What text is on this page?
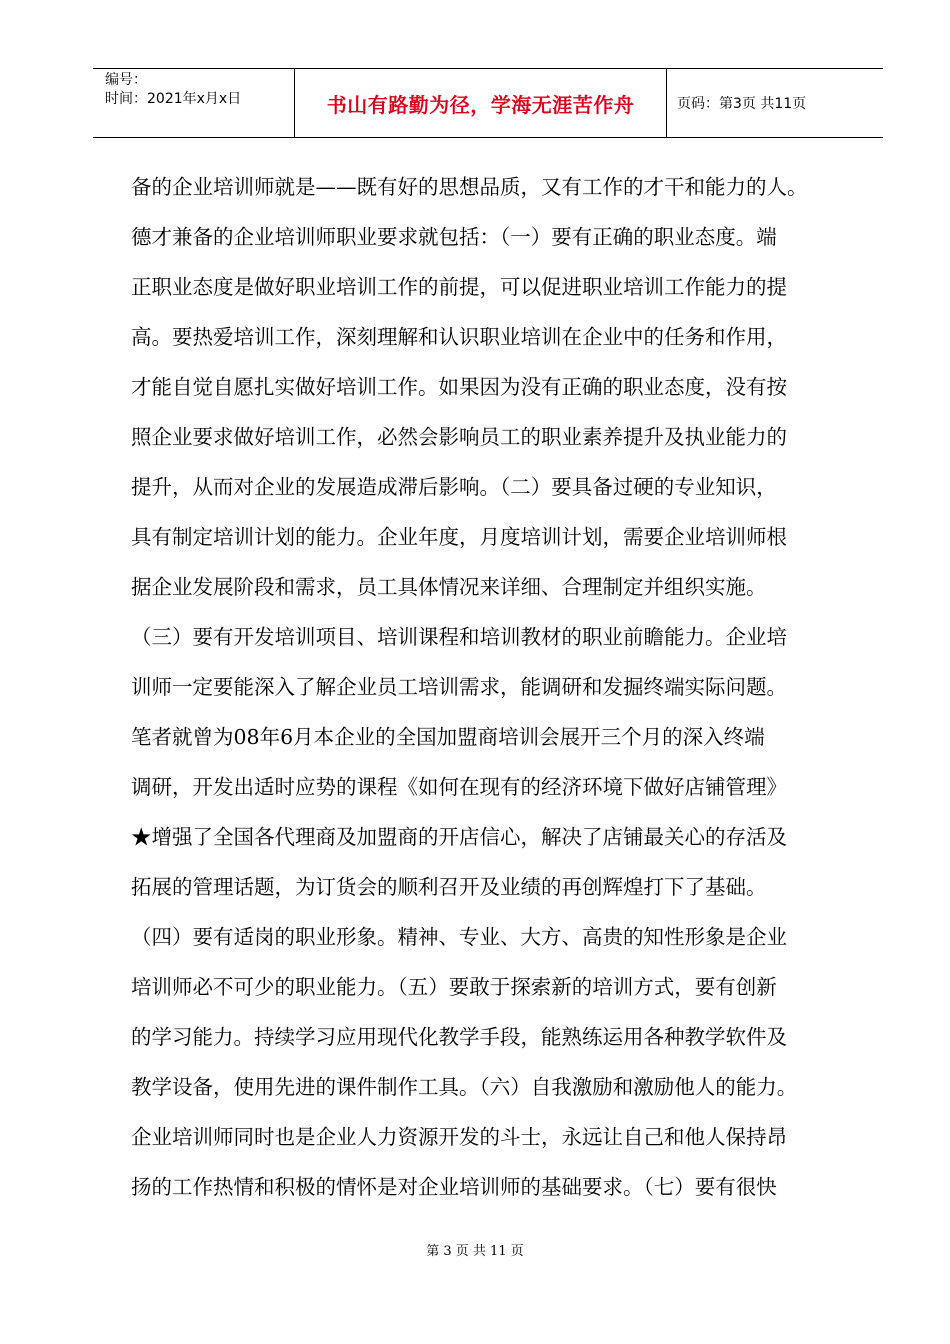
编号：
时间：2021年x月x日	书山有路勤为径，学海无涯苦作舟	页码：第3页 共11页
备的企业培训师就是——既有好的思想品质，又有工作的才干和能力的人。
德才兼备的企业培训师职业要求就包括：（一）要有正确的职业态度。端
正职业态度是做好职业培训工作的前提，可以促进职业培训工作能力的提
高。要热爱培训工作，深刻理解和认识职业培训在企业中的任务和作用，
才能自觉自愿扎实做好培训工作。如果因为没有正确的职业态度，没有按
照企业要求做好培训工作，必然会影响员工的职业素养提升及执业能力的
提升，从而对企业的发展造成滞后影响。（二）要具备过硬的专业知识，
具有制定培训计划的能力。企业年度，月度培训计划，需要企业培训师根
据企业发展阶段和需求，员工具体情况来详细、合理制定并组织实施。
（三）要有开发培训项目、培训课程和培训教材的职业前瞻能力。企业培
训师一定要能深入了解企业员工培训需求，能调研和发掘终端实际问题。
笔者就曾为08年6月本企业的全国加盟商培训会展开三个月的深入终端
调研，开发出适时应势的课程《如何在现有的经济环境下做好店铺管理》
★增强了全国各代理商及加盟商的开店信心，解决了店铺最关心的存活及
拓展的管理话题，为订货会的顺利召开及业绩的再创辉煌打下了基础。
（四）要有适岗的职业形象。精神、专业、大方、高贵的知性形象是企业
培训师必不可少的职业能力。（五）要敢于探索新的培训方式，要有创新
的学习能力。持续学习应用现代化教学手段，能熟练运用各种教学软件及
教学设备，使用先进的课件制作工具。（六）自我激励和激励他人的能力。
企业培训师同时也是企业人力资源开发的斗士，永远让自己和他人保持昂
扬的工作热情和积极的情怀是对企业培训师的基础要求。（七）要有很快
第 3 页 共 11 页
